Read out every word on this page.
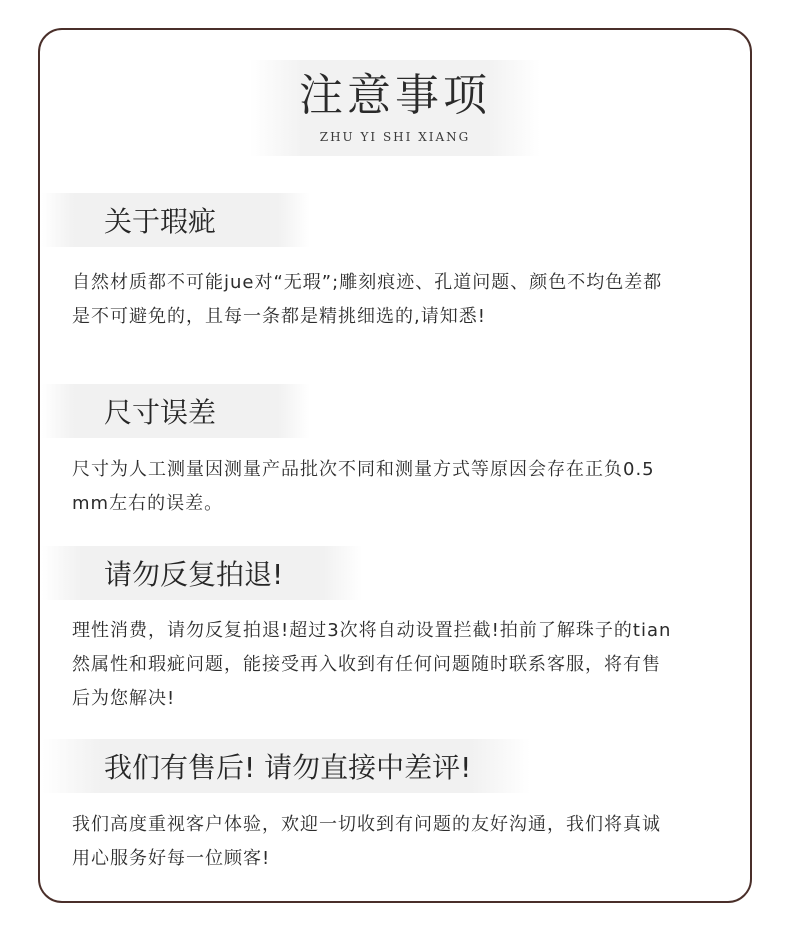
注意事项
ZHU YI SHI XIANG
关于瑕疵
自然材质都不可能jue对“无瑕”;雕刻痕迹、孔道问题、颜色不均色差都
是不可避免的，且每一条都是精挑细选的,请知悉!
尺寸误差
尺寸为人工测量因测量产品批次不同和测量方式等原因会存在正负0.5
mm左右的误差。
请勿反复拍退!
理性消费，请勿反复拍退!超过3次将自动设置拦截!拍前了解珠子的tian
然属性和瑕疵问题，能接受再入收到有任何问题随时联系客服，将有售
后为您解决!
我们有售后! 请勿直接中差评!
我们高度重视客户体验，欢迎一切收到有问题的友好沟通，我们将真诚
用心服务好每一位顾客!
